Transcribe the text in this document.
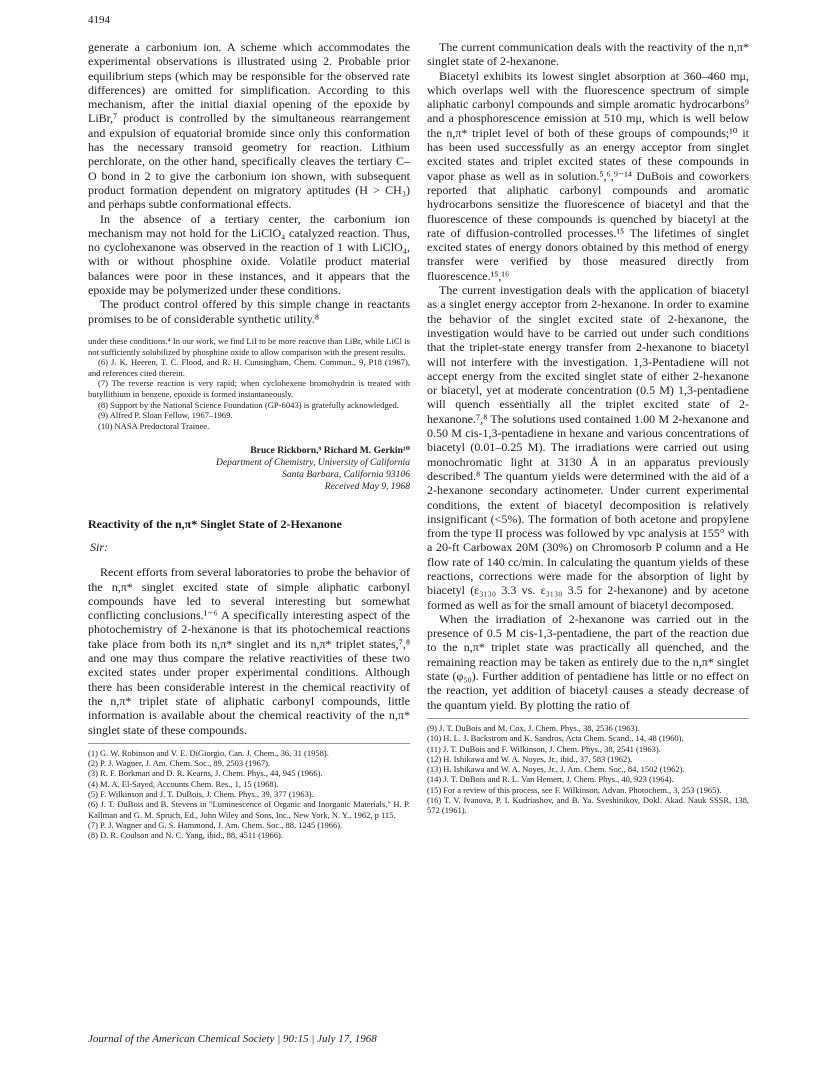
4194

generate a carbonium ion. A scheme which accommodates the experimental observations is illustrated using 2. Probable prior equilibrium steps (which may be responsible for the observed rate differences) are omitted for simplification. According to this mechanism, after the initial diaxial opening of the epoxide by LiBr,⁷ product is controlled by the simultaneous rearrangement and expulsion of equatorial bromide since only this conformation has the necessary transoid geometry for reaction. Lithium perchlorate, on the other hand, specifically cleaves the tertiary C–O bond in 2 to give the carbonium ion shown, with subsequent product formation dependent on migratory aptitudes (H > CH₃) and perhaps subtle conformational effects.

In the absence of a tertiary center, the carbonium ion mechanism may not hold for the LiClO₄ catalyzed reaction. Thus, no cyclohexanone was observed in the reaction of 1 with LiClO₄, with or without phosphine oxide. Volatile product material balances were poor in these instances, and it appears that the epoxide may be polymerized under these conditions.

The product control offered by this simple change in reactants promises to be of considerable synthetic utility.⁸

under these conditions.⁴ In our work, we find LiI to be more reactive than LiBr, while LiCl is not sufficiently solubilized by phosphine oxide to allow comparison with the present results.

(6) J. K. Heeren, T. C. Flood, and R. H. Cunningham, Chem. Commun., 9, P18 (1967), and references cited therein.
(7) The reverse reaction is very rapid; when cyclohexene bromohydrin is treated with butyllithium in benzene, epoxide is formed instantaneously.
(8) Support by the National Science Foundation (GP-6043) is gratefully acknowledged.
(9) Alfred P. Sloan Fellow, 1967–1969.
(10) NASA Predoctoral Trainee.
Bruce Rickborn,⁹ Richard M. Gerkin¹⁰
Department of Chemistry, University of California
Santa Barbara, California 93106
Received May 9, 1968
Reactivity of the n,π* Singlet State of 2-Hexanone
Sir:

Recent efforts from several laboratories to probe the behavior of the n,π* singlet excited state of simple aliphatic carbonyl compounds have led to several interesting but somewhat conflicting conclusions.¹⁻⁶ A specifically interesting aspect of the photochemistry of 2-hexanone is that its photochemical reactions take place from both its n,π* singlet and its n,π* triplet states,⁷,⁸ and one may thus compare the relative reactivities of these two excited states under proper experimental conditions. Although there has been considerable interest in the chemical reactivity of the n,π* triplet state of aliphatic carbonyl compounds, little information is available about the chemical reactivity of the n,π* singlet state of these compounds.

(1) G. W. Robinson and V. E. DiGiorgio, Can. J. Chem., 36, 31 (1958).
(2) P. J. Wagner, J. Am. Chem. Soc., 89, 2503 (1967).
(3) R. F. Borkman and D. R. Kearns, J. Chem. Phys., 44, 945 (1966).
(4) M. A. El-Sayed, Accounts Chem. Res., 1, 15 (1968).
(5) F. Wilkinson and J. T. DuBois, J. Chem. Phys., 39, 377 (1963).
(6) J. T. DuBois and B. Stevens in "Luminescence of Organic and Inorganic Materials," H. P. Kallman and G. M. Spruch, Ed., John Wiley and Sons, Inc., New York, N. Y., 1962, p 115.
(7) P. J. Wagner and G. S. Hammond, J. Am. Chem. Soc., 88, 1245 (1966).
(8) D. R. Coulson and N. C. Yang, ibid., 88, 4511 (1966).

The current communication deals with the reactivity of the n,π* singlet state of 2-hexanone.

Biacetyl exhibits its lowest singlet absorption at 360–460 mμ, which overlaps well with the fluorescence spectrum of simple aliphatic carbonyl compounds and simple aromatic hydrocarbons⁹ and a phosphorescence emission at 510 mμ, which is well below the n,π* triplet level of both of these groups of compounds;¹⁰ it has been used successfully as an energy acceptor from singlet excited states and triplet excited states of these compounds in vapor phase as well as in solution.⁵,⁶,⁹⁻¹⁴ DuBois and coworkers reported that aliphatic carbonyl compounds and aromatic hydrocarbons sensitize the fluorescence of biacetyl and that the fluorescence of these compounds is quenched by biacetyl at the rate of diffusion-controlled processes.¹⁵ The lifetimes of singlet excited states of energy donors obtained by this method of energy transfer were verified by those measured directly from fluorescence.¹⁵,¹⁶

The current investigation deals with the application of biacetyl as a singlet energy acceptor from 2-hexanone. In order to examine the behavior of the singlet excited state of 2-hexanone, the investigation would have to be carried out under such conditions that the triplet-state energy transfer from 2-hexanone to biacetyl will not interfere with the investigation. 1,3-Pentadiene will not accept energy from the excited singlet state of either 2-hexanone or biacetyl, yet at moderate concentration (0.5 M) 1,3-pentadiene will quench essentially all the triplet excited state of 2-hexanone.⁷,⁸ The solutions used contained 1.00 M 2-hexanone and 0.50 M cis-1,3-pentadiene in hexane and various concentrations of biacetyl (0.01–0.25 M). The irradiations were carried out using monochromatic light at 3130 Å in an apparatus previously described.⁸ The quantum yields were determined with the aid of a 2-hexanone secondary actinometer. Under current experimental conditions, the extent of biacetyl decomposition is relatively insignificant (<5%). The formation of both acetone and propylene from the type II process was followed by vpc analysis at 155° with a 20-ft Carbowax 20M (30%) on Chromosorb P column and a He flow rate of 140 cc/min. In calculating the quantum yields of these reactions, corrections were made for the absorption of light by biacetyl (ε₃₁₃₀ 3.3 vs. ε₃₁₃₀ 3.5 for 2-hexanone) and by acetone formed as well as for the small amount of biacetyl decomposed.

When the irradiation of 2-hexanone was carried out in the presence of 0.5 M cis-1,3-pentadiene, the part of the reaction due to the n,π* triplet state was practically all quenched, and the remaining reaction may be taken as entirely due to the n,π* singlet state (φ₅₀). Further addition of pentadiene has little or no effect on the reaction, yet addition of biacetyl causes a steady decrease of the quantum yield. By plotting the ratio of

(9) J. T. DuBois and M. Cox, J. Chem. Phys., 38, 2536 (1963).
(10) H. L. J. Backstrom and K. Sandros, Acta Chem. Scand., 14, 48 (1960).
(11) J. T. DuBois and F. Wilkinson, J. Chem. Phys., 38, 2541 (1963).
(12) H. Ishikawa and W. A. Noyes, Jr., ibid., 37, 583 (1962).
(13) H. Ishikawa and W. A. Noyes, Jr., J. Am. Chem. Soc., 84, 1502 (1962).
(14) J. T. DuBois and R. L. Van Hemert, J. Chem. Phys., 40, 923 (1964).
(15) For a review of this process, see F. Wilkinson, Advan. Photochem., 3, 253 (1965).
(16) T. V. Ivanova, P. I. Kudriashov, and B. Ya. Sveshinikov, Dokl. Akad. Nauk SSSR, 138, 572 (1961).
Journal of the American Chemical Society | 90:15 | July 17, 1968
